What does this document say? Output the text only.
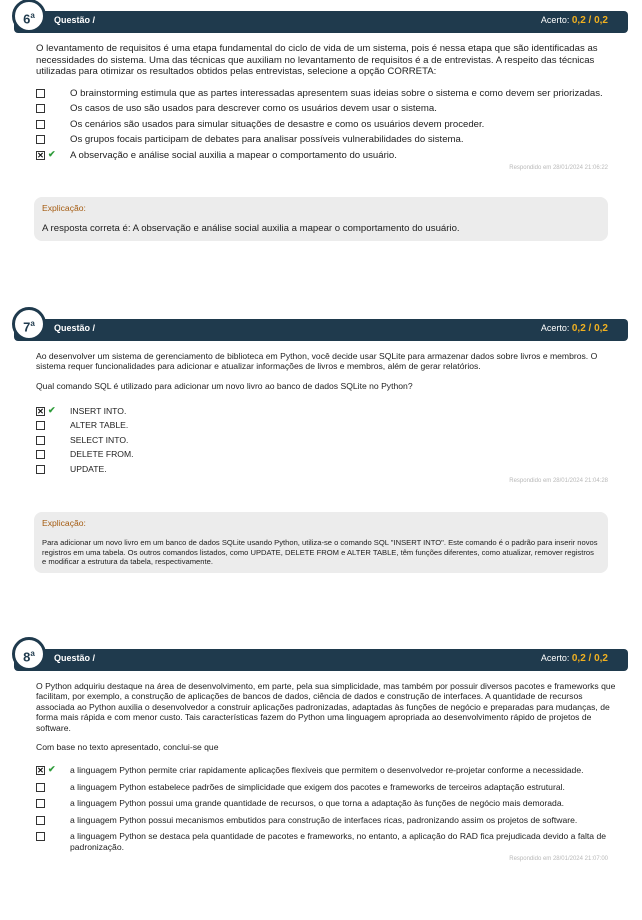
6$^a$	Questão /	Acerto: 0,2 / 0,2

O levantamento de requisitos é uma etapa fundamental do ciclo de vida de um sistema, pois é nessa etapa que são identificadas as necessidades do sistema. Uma das técnicas que auxiliam no levantamento de requisitos é a de entrevistas. A respeito das técnicas utilizadas para otimizar os resultados obtidos pelas entrevistas, selecione a opção CORRETA:

O brainstorming estimula que as partes interessadas apresentem suas ideias sobre o sistema e como devem ser priorizadas.
Os casos de uso são usados para descrever como os usuários devem usar o sistema.
Os cenários são usados para simular situações de desastre e como os usuários devem proceder.
Os grupos focais participam de debates para analisar possíveis vulnerabilidades do sistema.
✕ ✔ A observação e análise social auxilia a mapear o comportamento do usuário.
Respondido em 28/01/2024 21:06:22
Explicação:
A resposta correta é: A observação e análise social auxilia a mapear o comportamento do usuário.
7$^a$	Questão /	Acerto: 0,2 / 0,2

Ao desenvolver um sistema de gerenciamento de biblioteca em Python, você decide usar SQLite para armazenar dados sobre livros e membros. O sistema requer funcionalidades para adicionar e atualizar informações de livros e membros, além de gerar relatórios.

Qual comando SQL é utilizado para adicionar um novo livro ao banco de dados SQLite no Python?

✕ ✔ INSERT INTO.
ALTER TABLE.
SELECT INTO.
DELETE FROM.
UPDATE.
Respondido em 28/01/2024 21:04:28
Explicação:
Para adicionar um novo livro em um banco de dados SQLite usando Python, utiliza-se o comando SQL "INSERT INTO". Este comando é o padrão para inserir novos registros em uma tabela. Os outros comandos listados, como UPDATE, DELETE FROM e ALTER TABLE, têm funções diferentes, como atualizar, remover registros e modificar a estrutura da tabela, respectivamente.
8$^a$	Questão /	Acerto: 0,2 / 0,2

O Python adquiriu destaque na área de desenvolvimento, em parte, pela sua simplicidade, mas também por possuir diversos pacotes e frameworks que facilitam, por exemplo, a construção de aplicações de bancos de dados, ciência de dados e construção de interfaces. A quantidade de recursos associada ao Python auxilia o desenvolvedor a construir aplicações padronizadas, adaptadas às funções de negócio e preparadas para mudanças, de forma mais rápida e com menor custo. Tais características fazem do Python uma linguagem apropriada ao desenvolvimento rápido de projetos de software.

Com base no texto apresentado, conclui-se que

✕ ✔ a linguagem Python permite criar rapidamente aplicações flexíveis que permitem o desenvolvedor re-projetar conforme a necessidade.
a linguagem Python estabelece padrões de simplicidade que exigem dos pacotes e frameworks de terceiros adaptação estrutural.
a linguagem Python possui uma grande quantidade de recursos, o que torna a adaptação às funções de negócio mais demorada.
a linguagem Python possui mecanismos embutidos para construção de interfaces ricas, padronizando assim os projetos de software.
a linguagem Python se destaca pela quantidade de pacotes e frameworks, no entanto, a aplicação do RAD fica prejudicada devido a falta de padronização.
Respondido em 28/01/2024 21:07:00
